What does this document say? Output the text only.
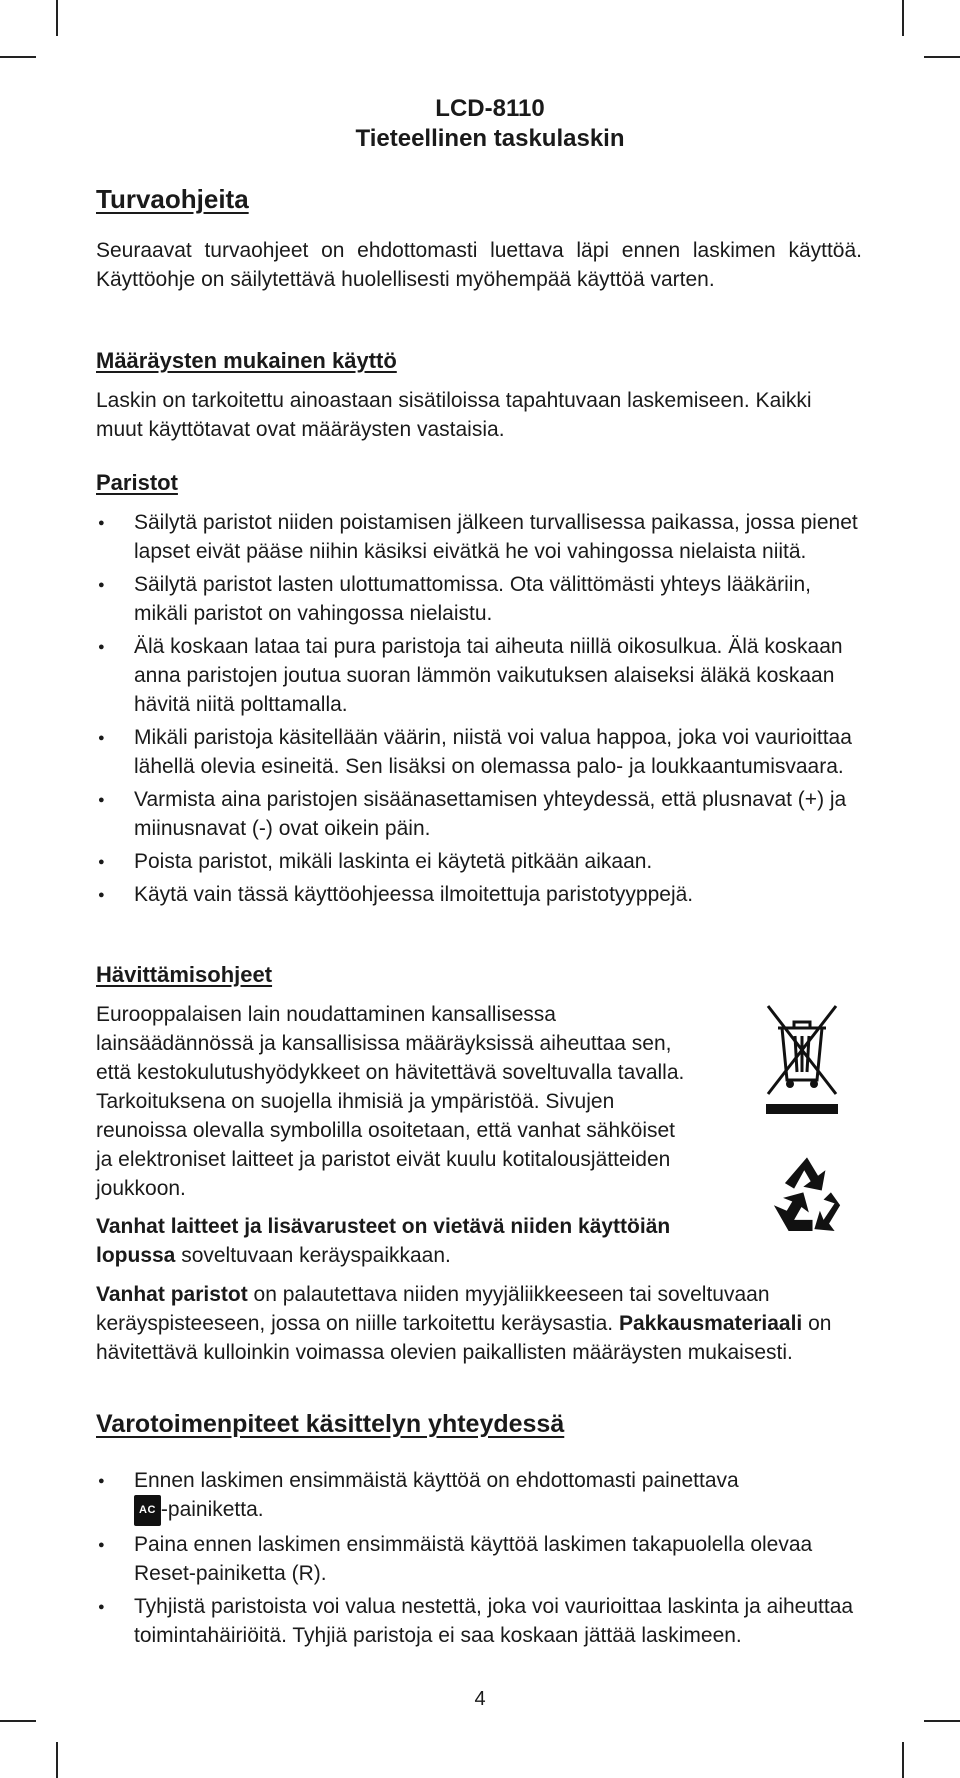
LCD-8110
Tieteellinen taskulaskin
Turvaohjeita

Seuraavat turvaohjeet on ehdottomasti luettava läpi ennen laskimen käyttöä. Käyttöohje on säilytettävä huolellisesti myöhempää käyttöä varten.

Määräysten mukainen käyttö

Laskin on tarkoitettu ainoastaan sisätiloissa tapahtuvaan laskemiseen. Kaikki muut käyttötavat ovat määräysten vastaisia.

Paristot
● Säilytä paristot niiden poistamisen jälkeen turvallisessa paikassa, jossa pienet lapset eivät pääse niihin käsiksi eivätkä he voi vahingossa nielaista niitä.
● Säilytä paristot lasten ulottumattomissa. Ota välittömästi yhteys lääkäriin, mikäli paristot on vahingossa nielaistu.
● Älä koskaan lataa tai pura paristoja tai aiheuta niillä oikosulkua. Älä koskaan anna paristojen joutua suoran lämmön vaikutuksen alaiseksi äläkä koskaan hävitä niitä polttamalla.
● Mikäli paristoja käsitellään väärin, niistä voi valua happoa, joka voi vaurioittaa lähellä olevia esineitä. Sen lisäksi on olemassa palo- ja loukkaantumisvaara.
● Varmista aina paristojen sisäänasettamisen yhteydessä, että plusnavat (+) ja miinusnavat (-) ovat oikein päin.
● Poista paristot, mikäli laskinta ei käytetä pitkään aikaan.
● Käytä vain tässä käyttöohjeessa ilmoitettuja paristotyyppejä.
Hävittämisohjeet

Eurooppalaisen lain noudattaminen kansallisessa lainsäädännössä ja kansallisissa määräyksissä aiheuttaa sen, että kestokulutushyödykkeet on hävitettävä soveltuvalla tavalla. Tarkoituksena on suojella ihmisiä ja ympäristöä. Sivujen reunoissa olevalla symbolilla osoitetaan, että vanhat sähköiset ja elektroniset laitteet ja paristot eivät kuulu kotitalousjätteiden joukkoon.

Vanhat laitteet ja lisävarusteet on vietävä niiden käyttöiän lopussa soveltuvaan keräyspaikkaan.

Vanhat paristot on palautettava niiden myyjäliikkeeseen tai soveltuvaan keräyspisteeseen, jossa on niille tarkoitettu keräysastia. Pakkausmateriaali on hävitettävä kulloinkin voimassa olevien paikallisten määräysten mukaisesti.

Varotoimenpiteet käsittelyn yhteydessä
● Ennen laskimen ensimmäistä käyttöä on ehdottomasti painettava
AC -painiketta.
● Paina ennen laskimen ensimmäistä käyttöä laskimen takapuolella olevaa Reset-painiketta (R).
● Tyhjistä paristoista voi valua nestettä, joka voi vaurioittaa laskinta ja aiheuttaa toimintahäiriöitä. Tyhjiä paristoja ei saa koskaan jättää laskimeen.
4
